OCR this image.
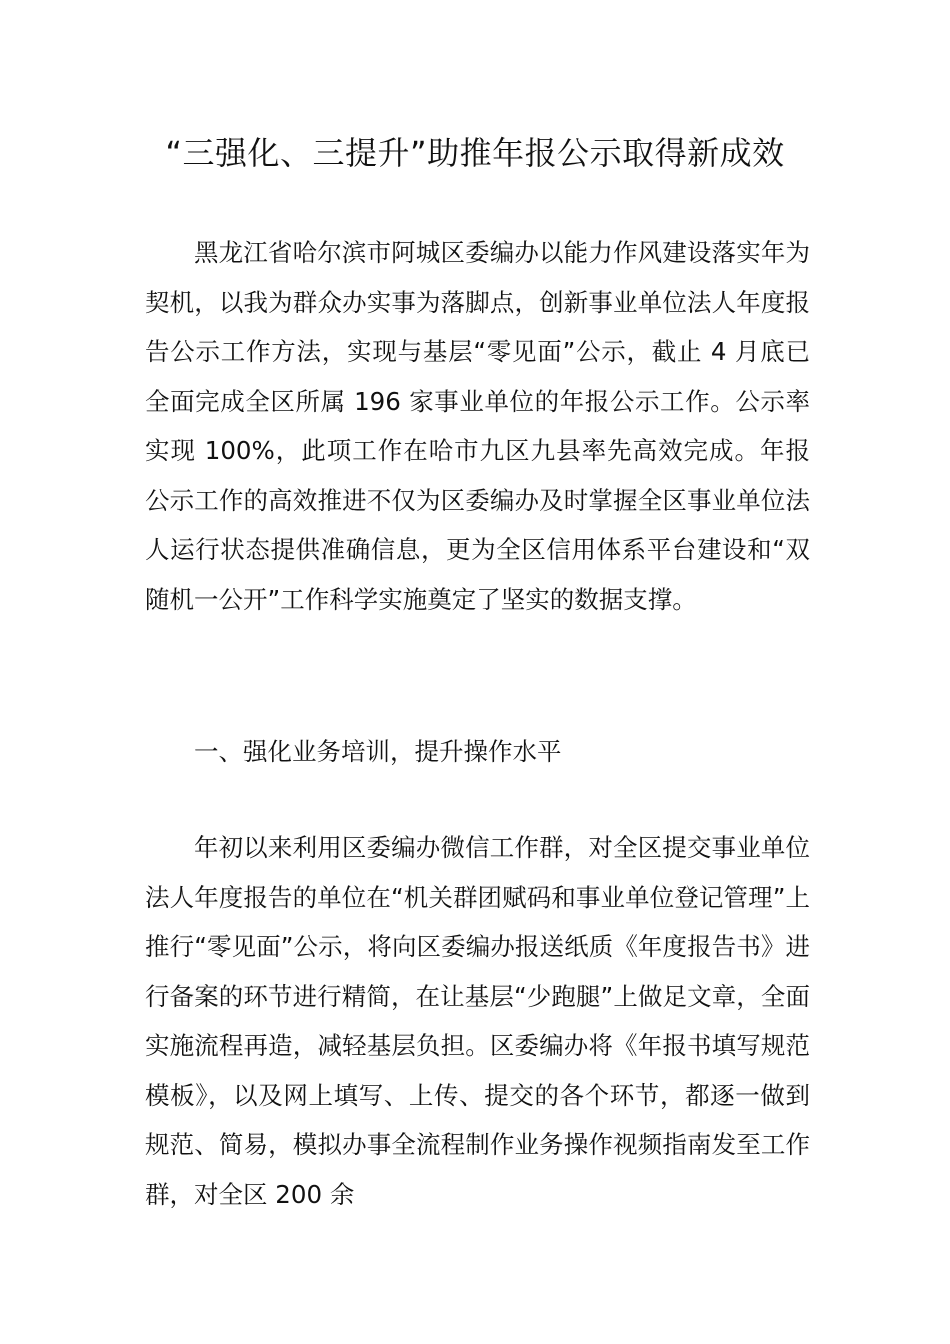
“三强化、三提升”助推年报公示取得新成效

黑龙江省哈尔滨市阿城区委编办以能力作风建设落实年为契机，以我为群众办实事为落脚点，创新事业单位法人年度报告公示工作方法，实现与基层“零见面”公示，截止 4 月底已全面完成全区所属 196 家事业单位的年报公示工作。公示率实现 100%，此项工作在哈市九区九县率先高效完成。年报公示工作的高效推进不仅为区委编办及时掌握全区事业单位法人运行状态提供准确信息，更为全区信用体系平台建设和“双随机一公开”工作科学实施奠定了坚实的数据支撑。

一、强化业务培训，提升操作水平

年初以来利用区委编办微信工作群，对全区提交事业单位法人年度报告的单位在“机关群团赋码和事业单位登记管理”上推行“零见面”公示，将向区委编办报送纸质《年度报告书》进行备案的环节进行精简，在让基层“少跑腿”上做足文章，全面实施流程再造，减轻基层负担。区委编办将《年报书填写规范模板》，以及网上填写、上传、提交的各个环节，都逐一做到规范、简易，模拟办事全流程制作业务操作视频指南发至工作群，对全区 200 余
